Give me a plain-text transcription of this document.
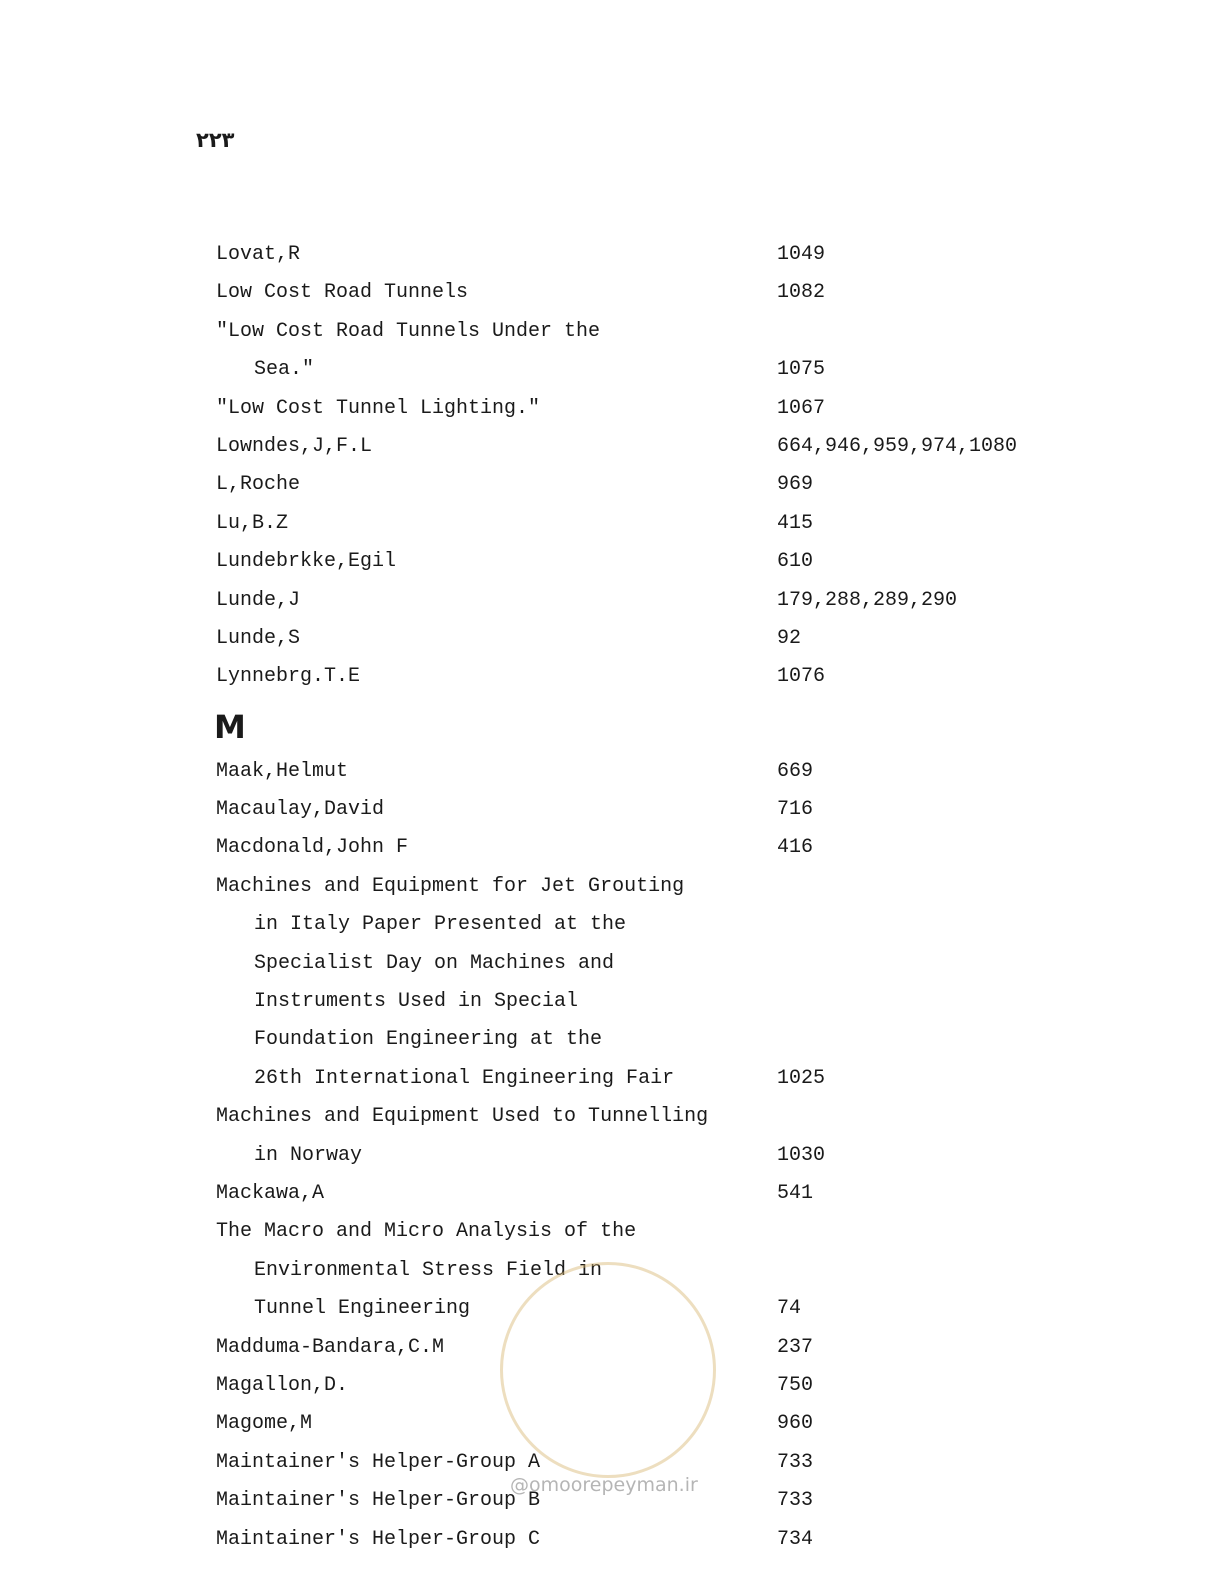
۲۲۳
Lovat,R	1049
Low Cost Road Tunnels	1082
"Low Cost Road Tunnels Under the
Sea."	1075
"Low Cost Tunnel Lighting."	1067
Lowndes,J,F.L	664,946,959,974,1080
L,Roche	969
Lu,B.Z	415
Lundebrkke,Egil	610
Lunde,J	179,288,289,290
Lunde,S	92
Lynnebrg.T.E	1076
M
Maak,Helmut	669
Macaulay,David	716
Macdonald,John F	416
Machines and Equipment for Jet Grouting
in Italy Paper Presented at the
Specialist Day on Machines and
Instruments Used in Special
Foundation Engineering at the
26th International Engineering Fair	1025
Machines and Equipment Used to Tunnelling
in Norway	1030
Mackawa,A	541
The Macro and Micro Analysis of the
Environmental Stress Field in
Tunnel Engineering	74
Madduma-Bandara,C.M	237
Magallon,D.	750
Magome,M	960
Maintainer's Helper-Group A	733
Maintainer's Helper-Group B	733
Maintainer's Helper-Group C	734
@omoorepeyman.ir
